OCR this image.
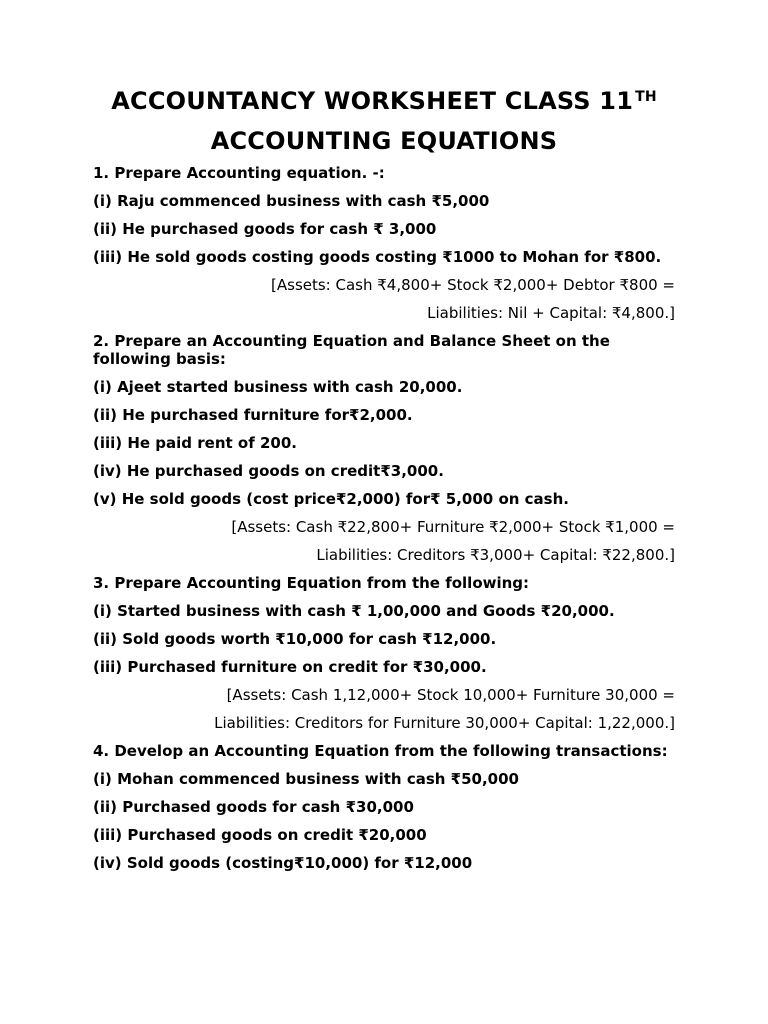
ACCOUNTANCY WORKSHEET CLASS 11 $^{TH}$
ACCOUNTING EQUATIONS

1. Prepare Accounting equation. -:

(i) Raju commenced business with cash ₹5,000

(ii) He purchased goods for cash ₹ 3,000

(iii) He sold goods costing goods costing ₹1000 to Mohan for ₹800.

[Assets: Cash ₹4,800+ Stock ₹2,000+ Debtor ₹800 =

Liabilities: Nil + Capital: ₹4,800.]

2. Prepare an Accounting Equation and Balance Sheet on the following basis:

(i) Ajeet started business with cash 20,000.

(ii) He purchased furniture for₹2,000.

(iii) He paid rent of 200.

(iv) He purchased goods on credit₹3,000.

(v) He sold goods (cost price₹2,000) for₹ 5,000 on cash.

[Assets: Cash ₹22,800+ Furniture ₹2,000+ Stock ₹1,000 =

Liabilities: Creditors ₹3,000+ Capital: ₹22,800.]

3. Prepare Accounting Equation from the following:

(i) Started business with cash ₹ 1,00,000 and Goods ₹20,000.

(ii) Sold goods worth ₹10,000 for cash ₹12,000.

(iii) Purchased furniture on credit for ₹30,000.

[Assets: Cash 1,12,000+ Stock 10,000+ Furniture 30,000 =

Liabilities: Creditors for Furniture 30,000+ Capital: 1,22,000.]

4. Develop an Accounting Equation from the following transactions:

(i) Mohan commenced business with cash ₹50,000

(ii) Purchased goods for cash ₹30,000

(iii) Purchased goods on credit ₹20,000

(iv) Sold goods (costing₹10,000) for ₹12,000
